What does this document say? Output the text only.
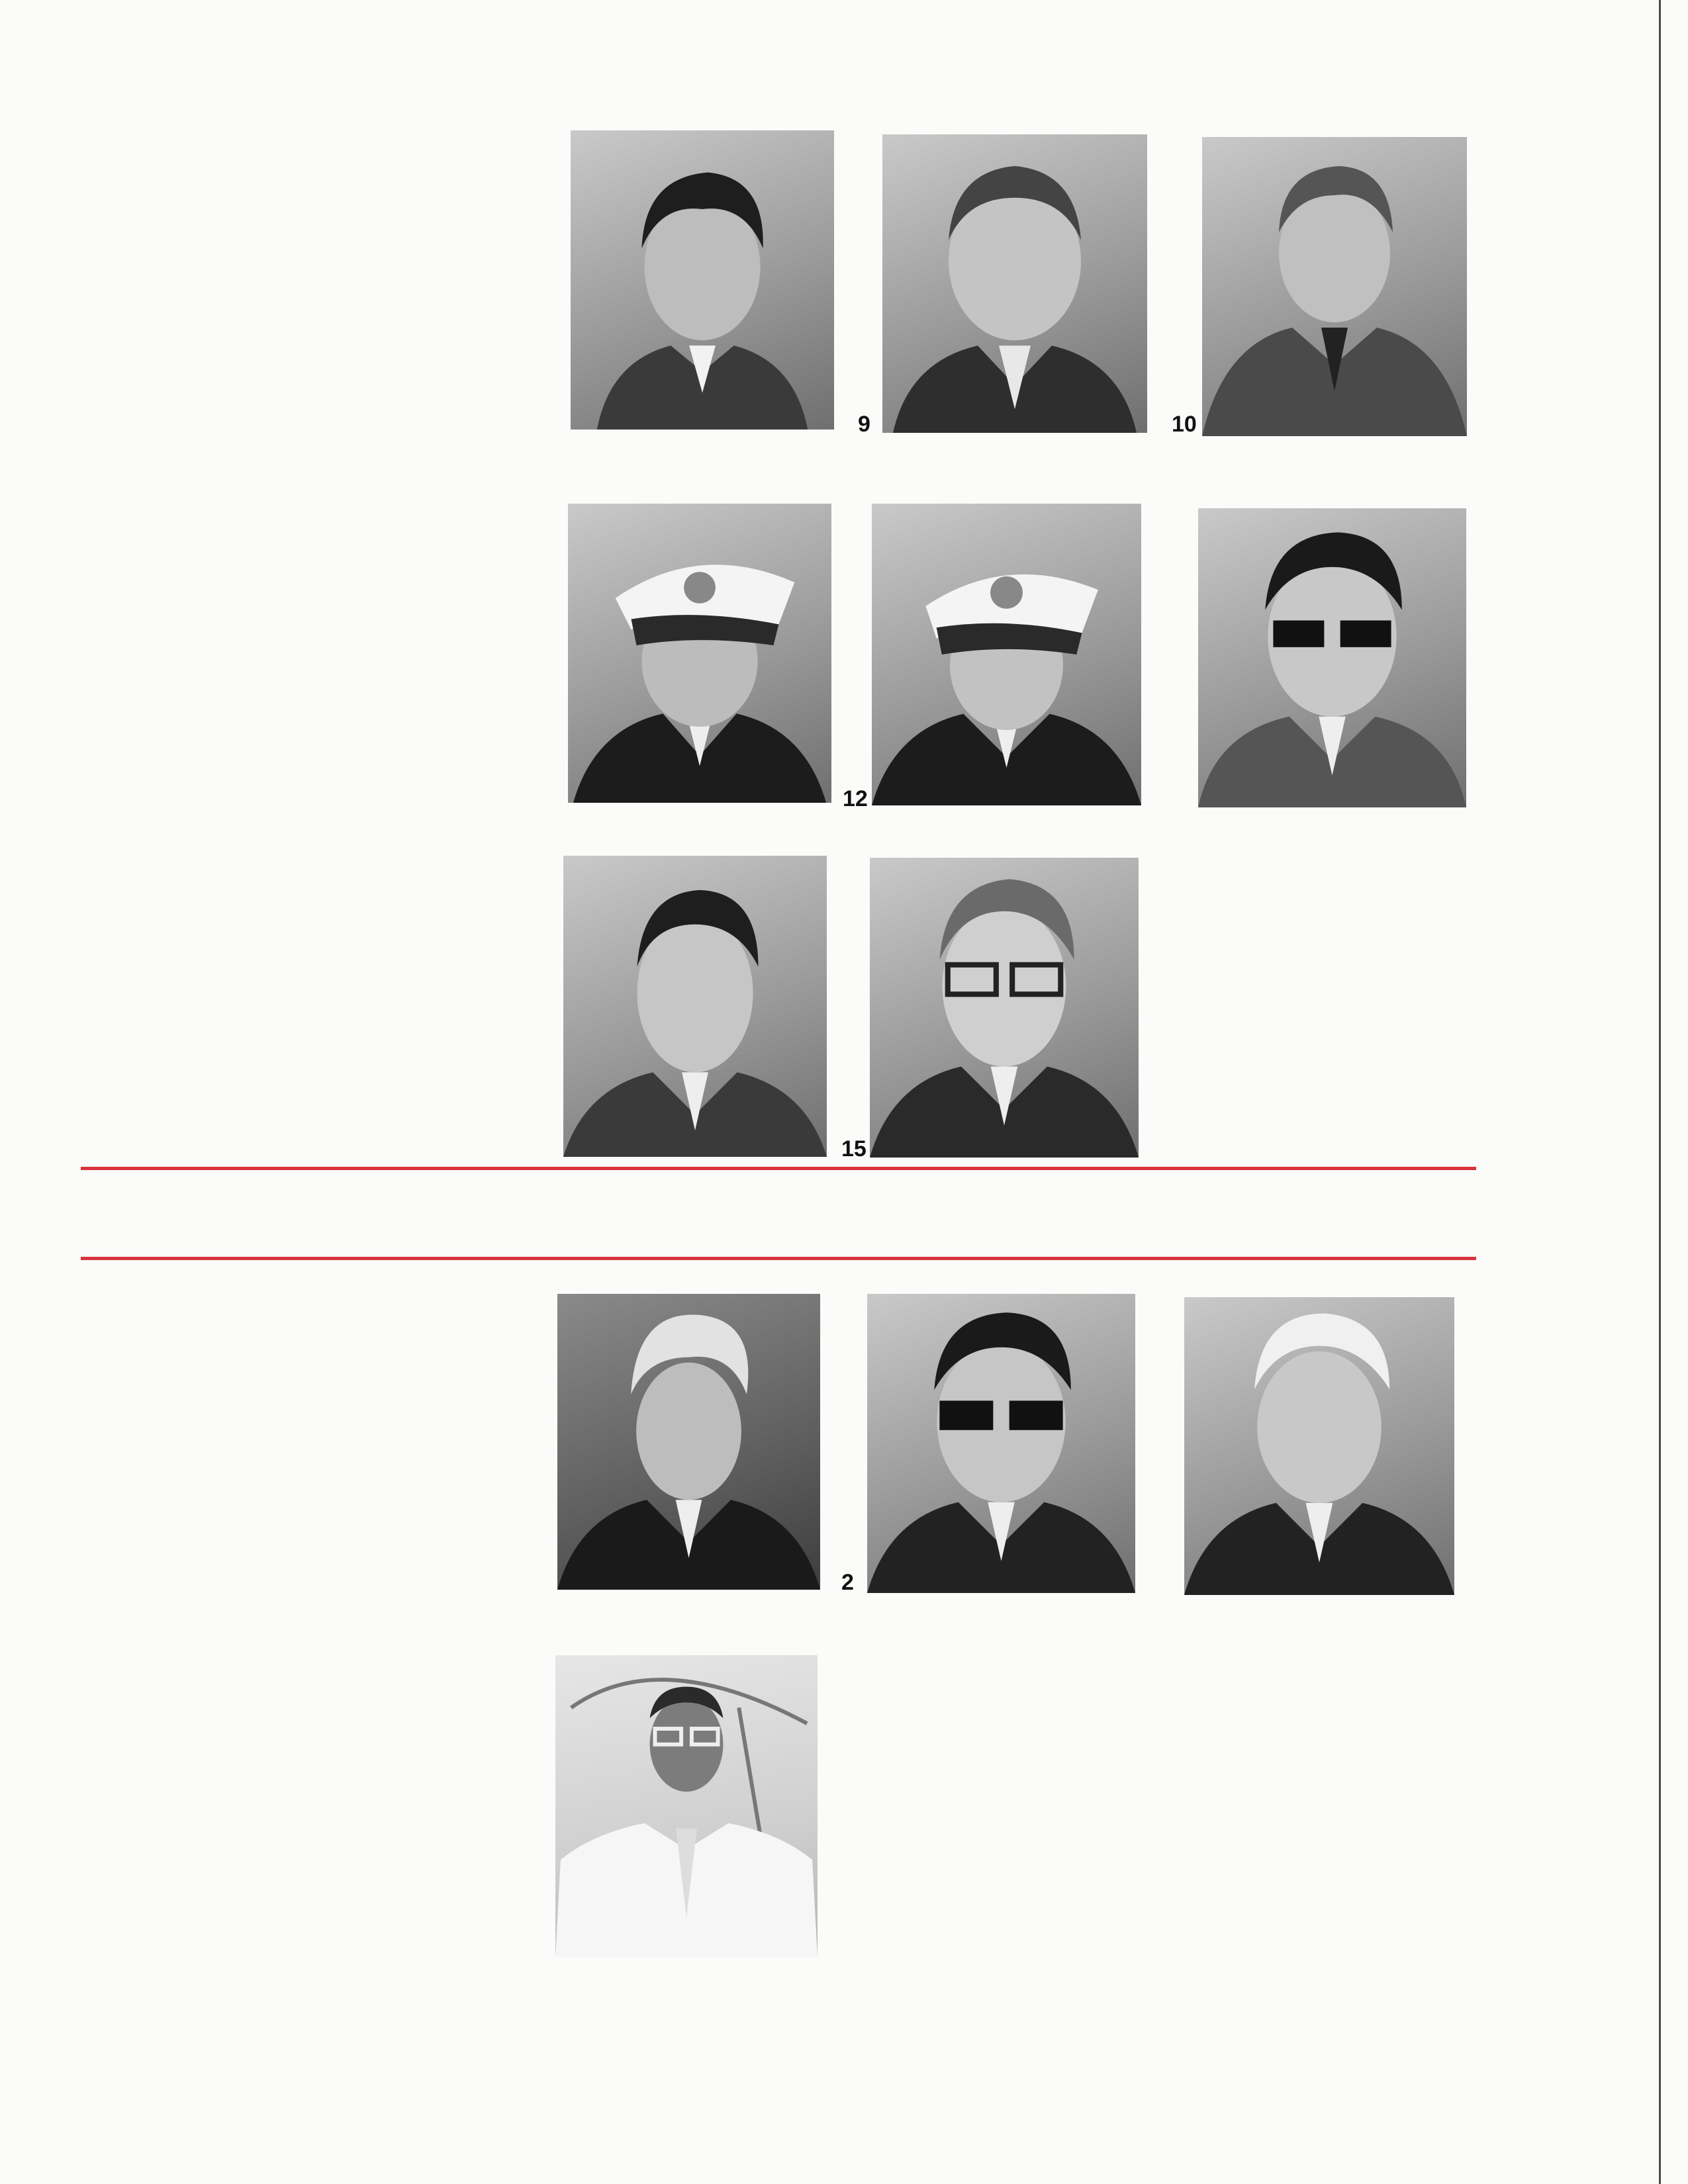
9	10
12
15
2
